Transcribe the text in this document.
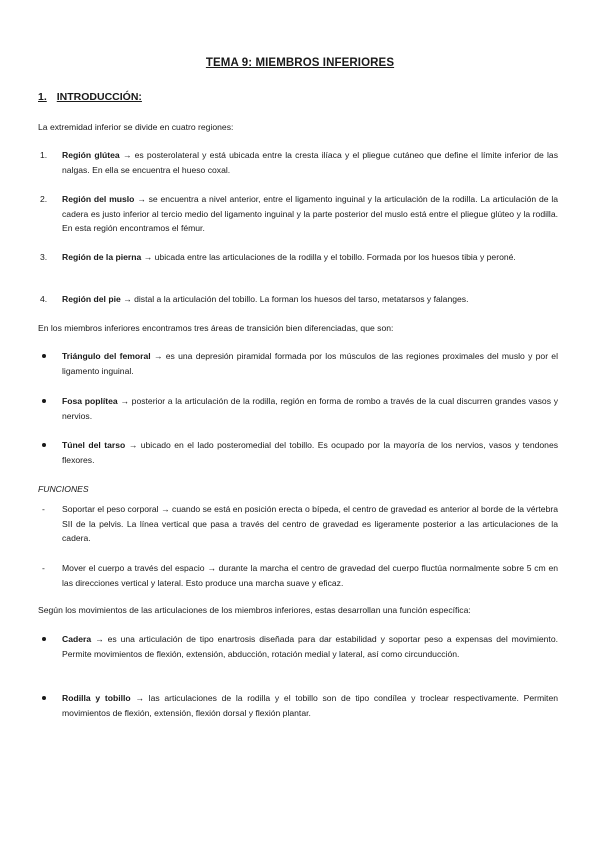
TEMA 9: MIEMBROS INFERIORES
1. INTRODUCCIÓN:
La extremidad inferior se divide en cuatro regiones:
1. Región glútea → es posterolateral y está ubicada entre la cresta ilíaca y el pliegue cutáneo que define el límite inferior de las nalgas. En ella se encuentra el hueso coxal.
2. Región del muslo → se encuentra a nivel anterior, entre el ligamento inguinal y la articulación de la rodilla. La articulación de la cadera es justo inferior al tercio medio del ligamento inguinal y la parte posterior del muslo está entre el pliegue glúteo y la rodilla. En esta región encontramos el fémur.
3. Región de la pierna → ubicada entre las articulaciones de la rodilla y el tobillo. Formada por los huesos tibia y peroné.
4. Región del pie → distal a la articulación del tobillo. La forman los huesos del tarso, metatarsos y falanges.
En los miembros inferiores encontramos tres áreas de transición bien diferenciadas, que son:
Triángulo del femoral → es una depresión piramidal formada por los músculos de las regiones proximales del muslo y por el ligamento inguinal.
Fosa poplítea → posterior a la articulación de la rodilla, región en forma de rombo a través de la cual discurren grandes vasos y nervios.
Túnel del tarso → ubicado en el lado posteromedial del tobillo. Es ocupado por la mayoría de los nervios, vasos y tendones flexores.
FUNCIONES
- Soportar el peso corporal → cuando se está en posición erecta o bípeda, el centro de gravedad es anterior al borde de la vértebra SII de la pelvis. La línea vertical que pasa a través del centro de gravedad es ligeramente posterior a las articulaciones de la cadera.
- Mover el cuerpo a través del espacio → durante la marcha el centro de gravedad del cuerpo fluctúa normalmente sobre 5 cm en las direcciones vertical y lateral. Esto produce una marcha suave y eficaz.
Según los movimientos de las articulaciones de los miembros inferiores, estas desarrollan una función específica:
Cadera → es una articulación de tipo enartrosis diseñada para dar estabilidad y soportar peso a expensas del movimiento. Permite movimientos de flexión, extensión, abducción, rotación medial y lateral, así como circunducción.
Rodilla y tobillo → las articulaciones de la rodilla y el tobillo son de tipo condílea y troclear respectivamente. Permiten movimientos de flexión, extensión, flexión dorsal y flexión plantar.
